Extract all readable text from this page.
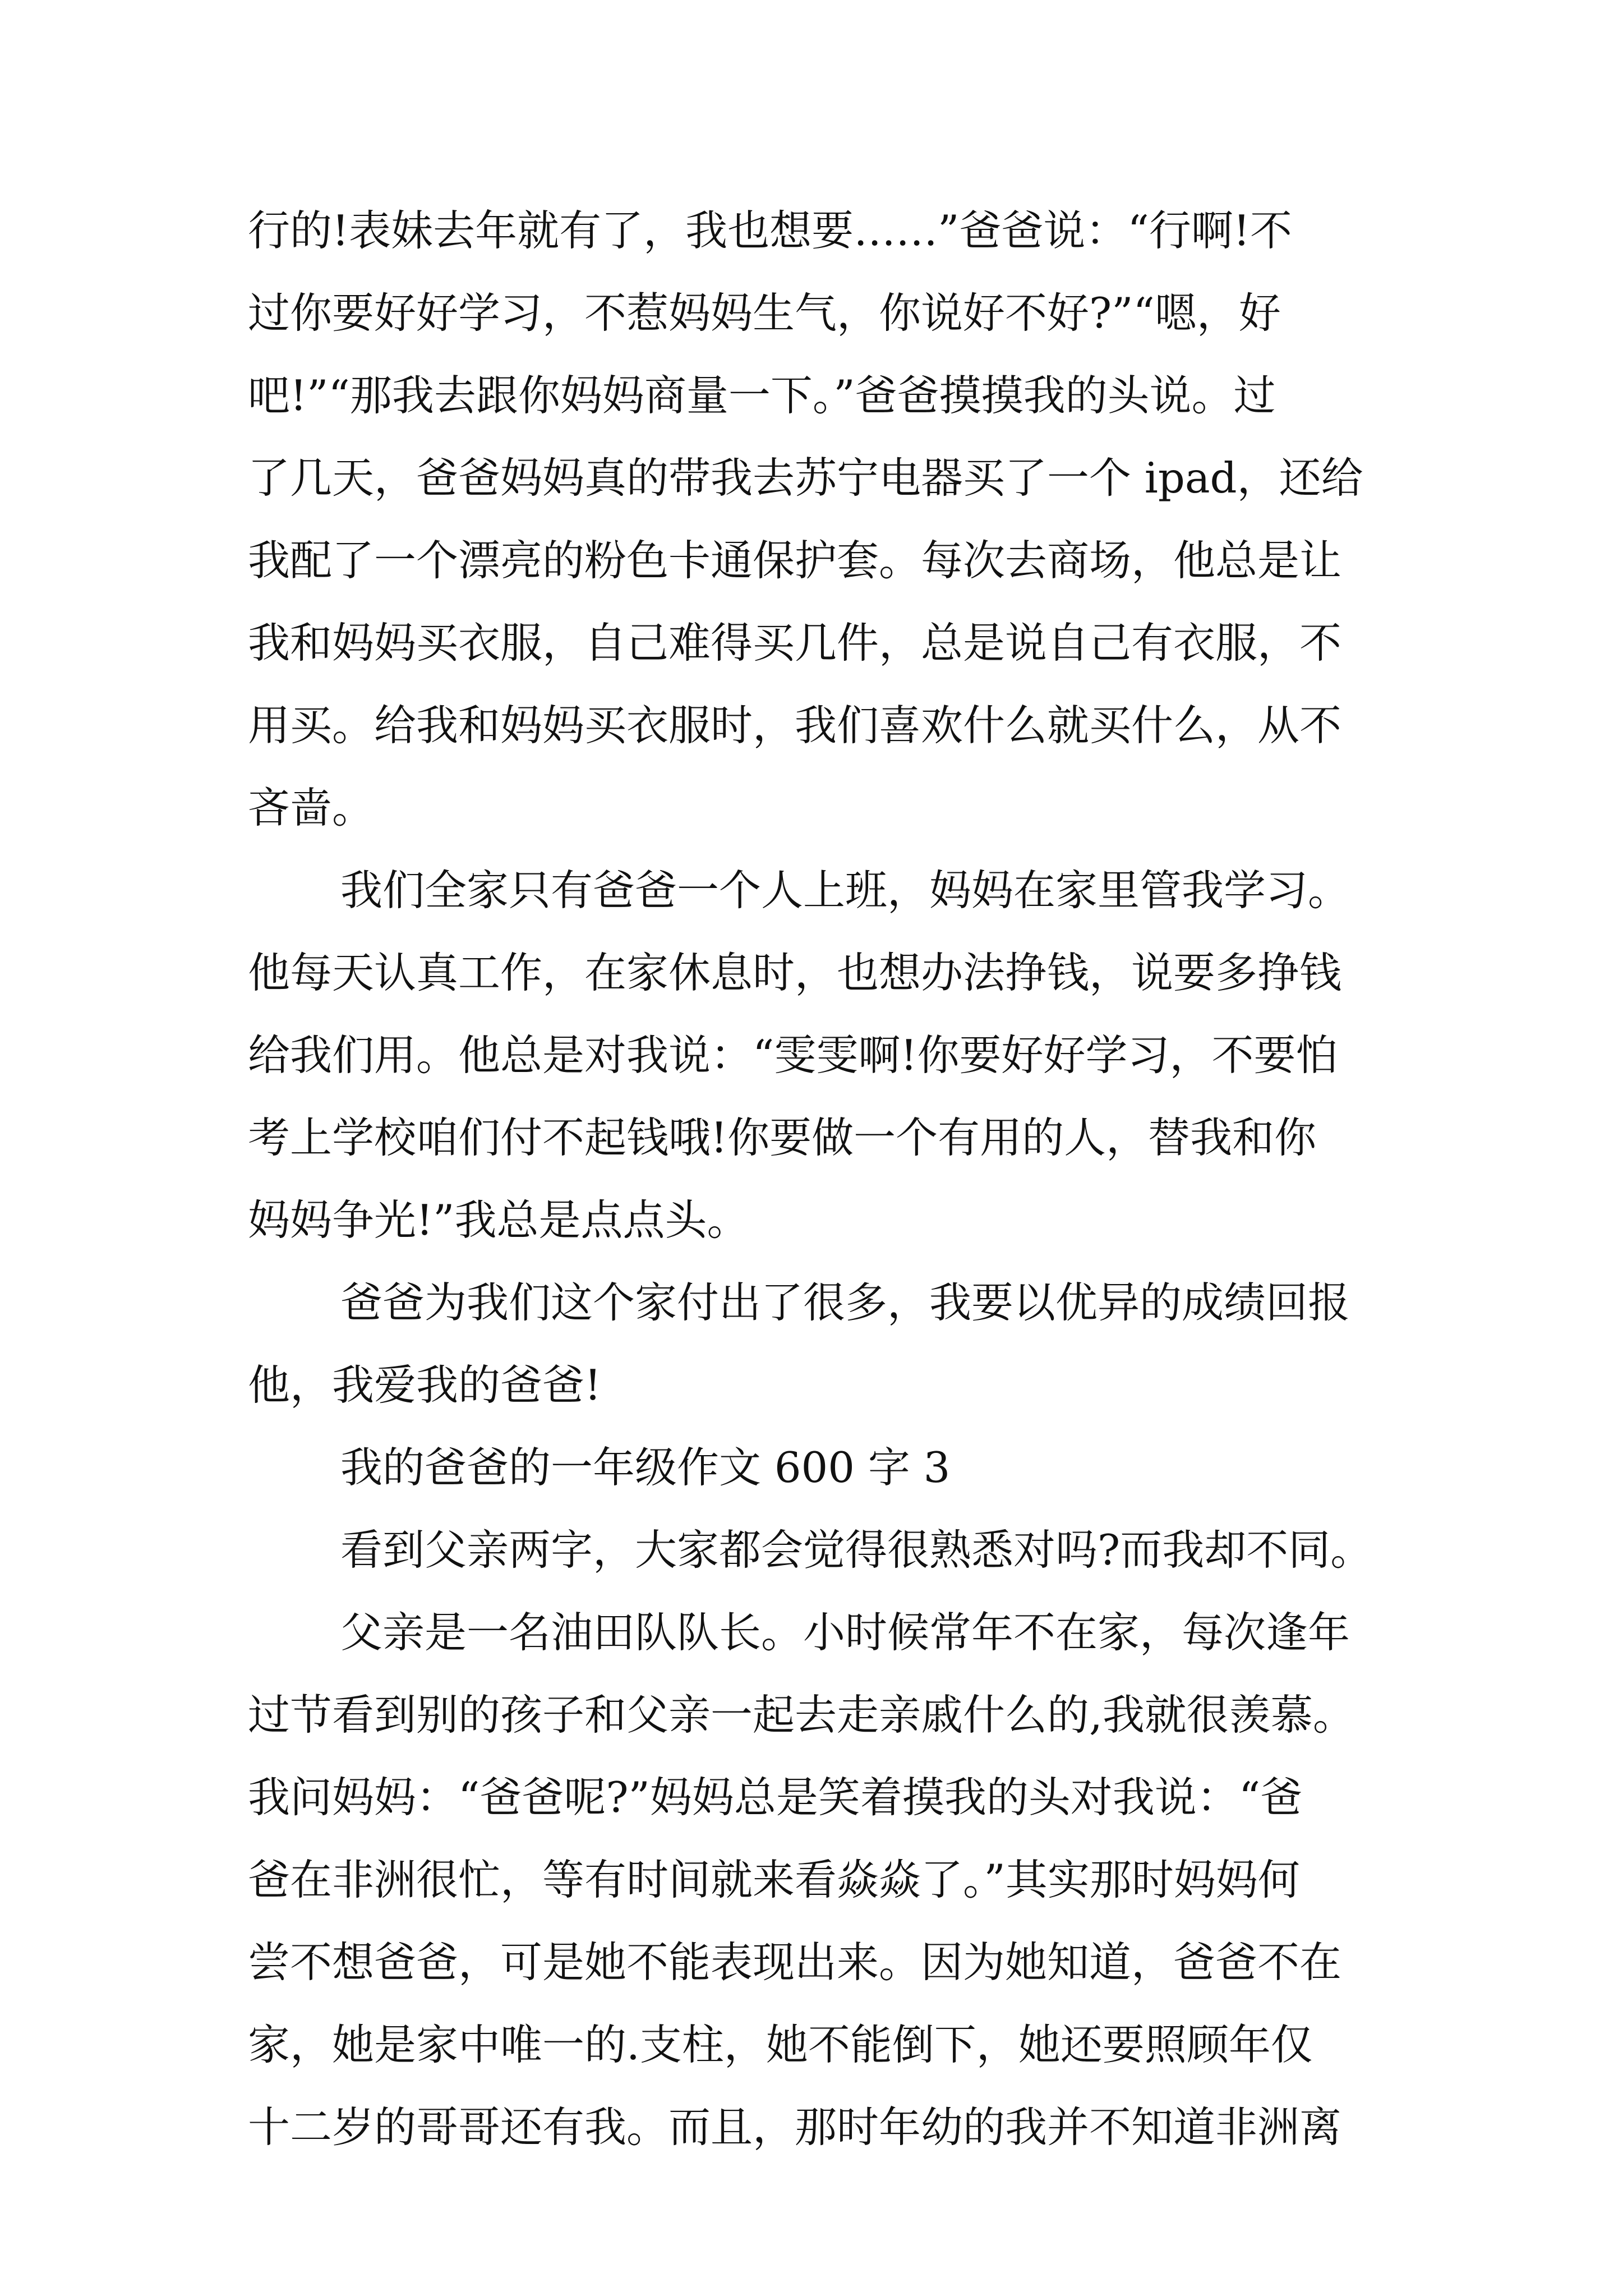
行的!表妹去年就有了，我也想要……”爸爸说：“行啊!不
过你要好好学习，不惹妈妈生气，你说好不好?”“嗯，好
吧!”“那我去跟你妈妈商量一下。”爸爸摸摸我的头说。过
了几天，爸爸妈妈真的带我去苏宁电器买了一个 ipad，还给
我配了一个漂亮的粉色卡通保护套。每次去商场，他总是让
我和妈妈买衣服，自己难得买几件，总是说自己有衣服，不
用买。给我和妈妈买衣服时，我们喜欢什么就买什么，从不
吝啬。
我们全家只有爸爸一个人上班，妈妈在家里管我学习。
他每天认真工作，在家休息时，也想办法挣钱，说要多挣钱
给我们用。他总是对我说：“雯雯啊!你要好好学习，不要怕
考上学校咱们付不起钱哦!你要做一个有用的人，替我和你
妈妈争光!”我总是点点头。
爸爸为我们这个家付出了很多，我要以优异的成绩回报
他，我爱我的爸爸!
我的爸爸的一年级作文 600 字 3
看到父亲两字，大家都会觉得很熟悉对吗?而我却不同。
父亲是一名油田队队长。小时候常年不在家，每次逢年
过节看到别的孩子和父亲一起去走亲戚什么的,我就很羡慕。
我问妈妈：“爸爸呢?”妈妈总是笑着摸我的头对我说：“爸
爸在非洲很忙，等有时间就来看焱焱了。”其实那时妈妈何
尝不想爸爸，可是她不能表现出来。因为她知道，爸爸不在
家，她是家中唯一的.支柱，她不能倒下，她还要照顾年仅
十二岁的哥哥还有我。而且，那时年幼的我并不知道非洲离
